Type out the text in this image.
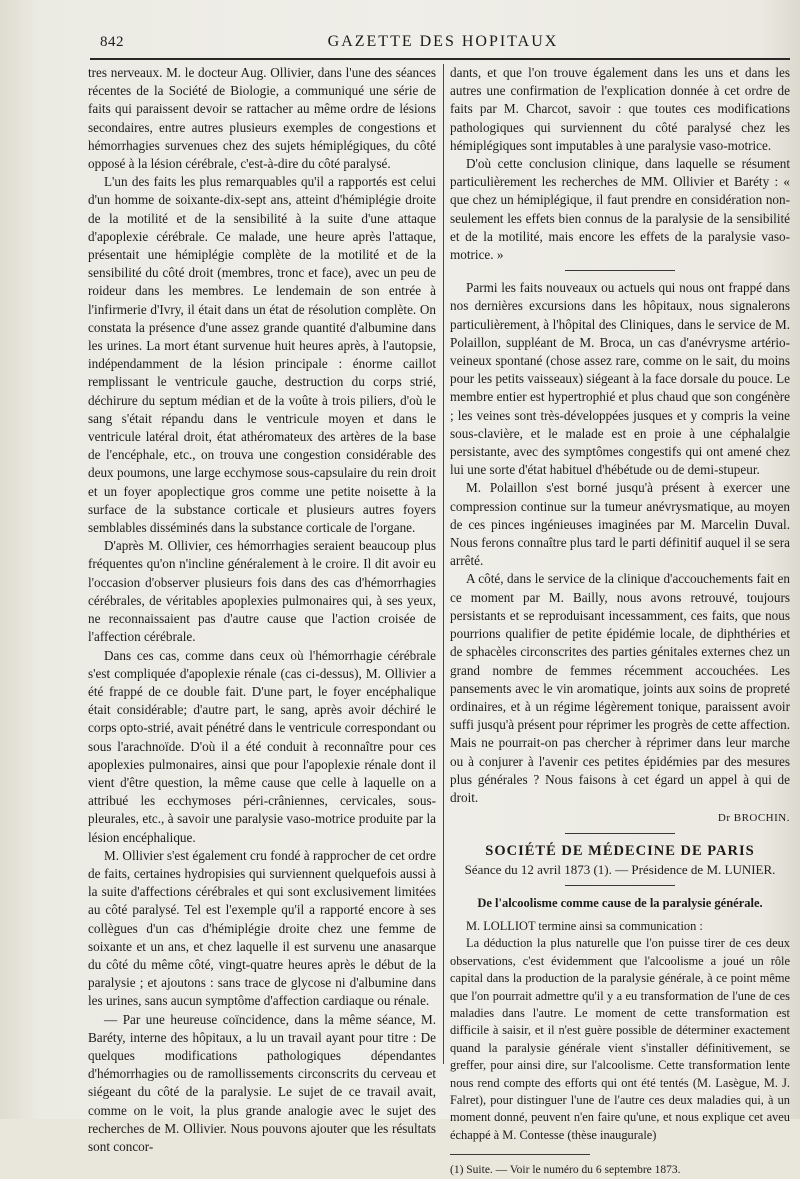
842	GAZETTE DES HOPITAUX

tres nerveaux. M. le docteur Aug. Ollivier, dans l'une des séances récentes de la Société de Biologie, a communiqué une série de faits qui paraissent devoir se rattacher au même ordre de lésions secondaires, entre autres plusieurs exemples de congestions et hémorrhagies survenues chez des sujets hémiplégiques, du côté opposé à la lésion cérébrale, c'est-à-dire du côté paralysé.

L'un des faits les plus remarquables qu'il a rapportés est celui d'un homme de soixante-dix-sept ans, atteint d'hémiplégie droite de la motilité et de la sensibilité à la suite d'une attaque d'apoplexie cérébrale. Ce malade, une heure après l'attaque, présentait une hémiplégie complète de la motilité et de la sensibilité du côté droit (membres, tronc et face), avec un peu de roideur dans les membres. Le lendemain de son entrée à l'infirmerie d'Ivry, il était dans un état de résolution complète. On constata la présence d'une assez grande quantité d'albumine dans les urines. La mort étant survenue huit heures après, à l'autopsie, indépendamment de la lésion principale : énorme caillot remplissant le ventricule gauche, destruction du corps strié, déchirure du septum médian et de la voûte à trois piliers, d'où le sang s'était répandu dans le ventricule moyen et dans le ventricule latéral droit, état athéromateux des artères de la base de l'encéphale, etc., on trouva une congestion considérable des deux poumons, une large ecchymose sous-capsulaire du rein droit et un foyer apoplectique gros comme une petite noisette à la surface de la substance corticale et plusieurs autres foyers semblables disséminés dans la substance corticale de l'organe.

D'après M. Ollivier, ces hémorrhagies seraient beaucoup plus fréquentes qu'on n'incline généralement à le croire. Il dit avoir eu l'occasion d'observer plusieurs fois dans des cas d'hémorrhagies cérébrales, de véritables apoplexies pulmonaires qui, à ses yeux, ne reconnaissaient pas d'autre cause que l'action croisée de l'affection cérébrale.

Dans ces cas, comme dans ceux où l'hémorrhagie cérébrale s'est compliquée d'apoplexie rénale (cas ci-dessus), M. Ollivier a été frappé de ce double fait. D'une part, le foyer encéphalique était considérable; d'autre part, le sang, après avoir déchiré le corps opto-strié, avait pénétré dans le ventricule correspondant ou sous l'arachnoïde. D'où il a été conduit à reconnaître pour ces apoplexies pulmonaires, ainsi que pour l'apoplexie rénale dont il vient d'être question, la même cause que celle à laquelle on a attribué les ecchymoses péri-crâniennes, cervicales, sous-pleurales, etc., à savoir une paralysie vaso-motrice produite par la lésion encéphalique.

M. Ollivier s'est également cru fondé à rapprocher de cet ordre de faits, certaines hydropisies qui surviennent quelquefois aussi à la suite d'affections cérébrales et qui sont exclusivement limitées au côté paralysé. Tel est l'exemple qu'il a rapporté encore à ses collègues d'un cas d'hémiplégie droite chez une femme de soixante et un ans, et chez laquelle il est survenu une anasarque du côté du même côté, vingt-quatre heures après le début de la paralysie ; et ajoutons : sans trace de glycose ni d'albumine dans les urines, sans aucun symptôme d'affection cardiaque ou rénale.

— Par une heureuse coïncidence, dans la même séance, M. Baréty, interne des hôpitaux, a lu un travail ayant pour titre : De quelques modifications pathologiques dépendantes d'hémorrhagies ou de ramollissements circonscrits du cerveau et siégeant du côté de la paralysie. Le sujet de ce travail avait, comme on le voit, la plus grande analogie avec le sujet des recherches de M. Ollivier. Nous pouvons ajouter que les résultats sont concor-

dants, et que l'on trouve également dans les uns et dans les autres une confirmation de l'explication donnée à cet ordre de faits par M. Charcot, savoir : que toutes ces modifications pathologiques qui surviennent du côté paralysé chez les hémiplégiques sont imputables à une paralysie vaso-motrice.

D'où cette conclusion clinique, dans laquelle se résument particulièrement les recherches de MM. Ollivier et Baréty : « que chez un hémiplégique, il faut prendre en considération non-seulement les effets bien connus de la paralysie de la sensibilité et de la motilité, mais encore les effets de la paralysie vaso-motrice. »

Parmi les faits nouveaux ou actuels qui nous ont frappé dans nos dernières excursions dans les hôpitaux, nous signalerons particulièrement, à l'hôpital des Cliniques, dans le service de M. Polaillon, suppléant de M. Broca, un cas d'anévrysme artério-veineux spontané (chose assez rare, comme on le sait, du moins pour les petits vaisseaux) siégeant à la face dorsale du pouce. Le membre entier est hypertrophié et plus chaud que son congénère ; les veines sont très-développées jusques et y compris la veine sous-clavière, et le malade est en proie à une céphalalgie persistante, avec des symptômes congestifs qui ont amené chez lui une sorte d'état habituel d'hébétude ou de demi-stupeur.

M. Polaillon s'est borné jusqu'à présent à exercer une compression continue sur la tumeur anévrysmatique, au moyen de ces pinces ingénieuses imaginées par M. Marcelin Duval. Nous ferons connaître plus tard le parti définitif auquel il se sera arrêté.

A côté, dans le service de la clinique d'accouchements fait en ce moment par M. Bailly, nous avons retrouvé, toujours persistants et se reproduisant incessamment, ces faits, que nous pourrions qualifier de petite épidémie locale, de diphthéries et de sphacèles circonscrites des parties génitales externes chez un grand nombre de femmes récemment accouchées. Les pansements avec le vin aromatique, joints aux soins de propreté ordinaires, et à un régime légèrement tonique, paraissent avoir suffi jusqu'à présent pour réprimer les progrès de cette affection. Mais ne pourrait-on pas chercher à réprimer dans leur marche ou à conjurer à l'avenir ces petites épidémies par des mesures plus générales ? Nous faisons à cet égard un appel à qui de droit.

Dr BROCHIN.
SOCIÉTÉ DE MÉDECINE DE PARIS
Séance du 12 avril 1873 (1). — Présidence de M. LUNIER.
De l'alcoolisme comme cause de la paralysie générale.

M. LOLLIOT termine ainsi sa communication :

La déduction la plus naturelle que l'on puisse tirer de ces deux observations, c'est évidemment que l'alcoolisme a joué un rôle capital dans la production de la paralysie générale, à ce point même que l'on pourrait admettre qu'il y a eu transformation de l'une de ces maladies dans l'autre. Le moment de cette transformation est difficile à saisir, et il n'est guère possible de déterminer exactement quand la paralysie générale vient s'installer définitivement, se greffer, pour ainsi dire, sur l'alcoolisme. Cette transformation lente nous rend compte des efforts qui ont été tentés (M. Lasègue, M. J. Falret), pour distinguer l'une de l'autre ces deux maladies qui, à un moment donné, peuvent n'en faire qu'une, et nous explique cet aveu échappé à M. Contesse (thèse inaugurale)

(1) Suite. — Voir le numéro du 6 septembre 1873.
